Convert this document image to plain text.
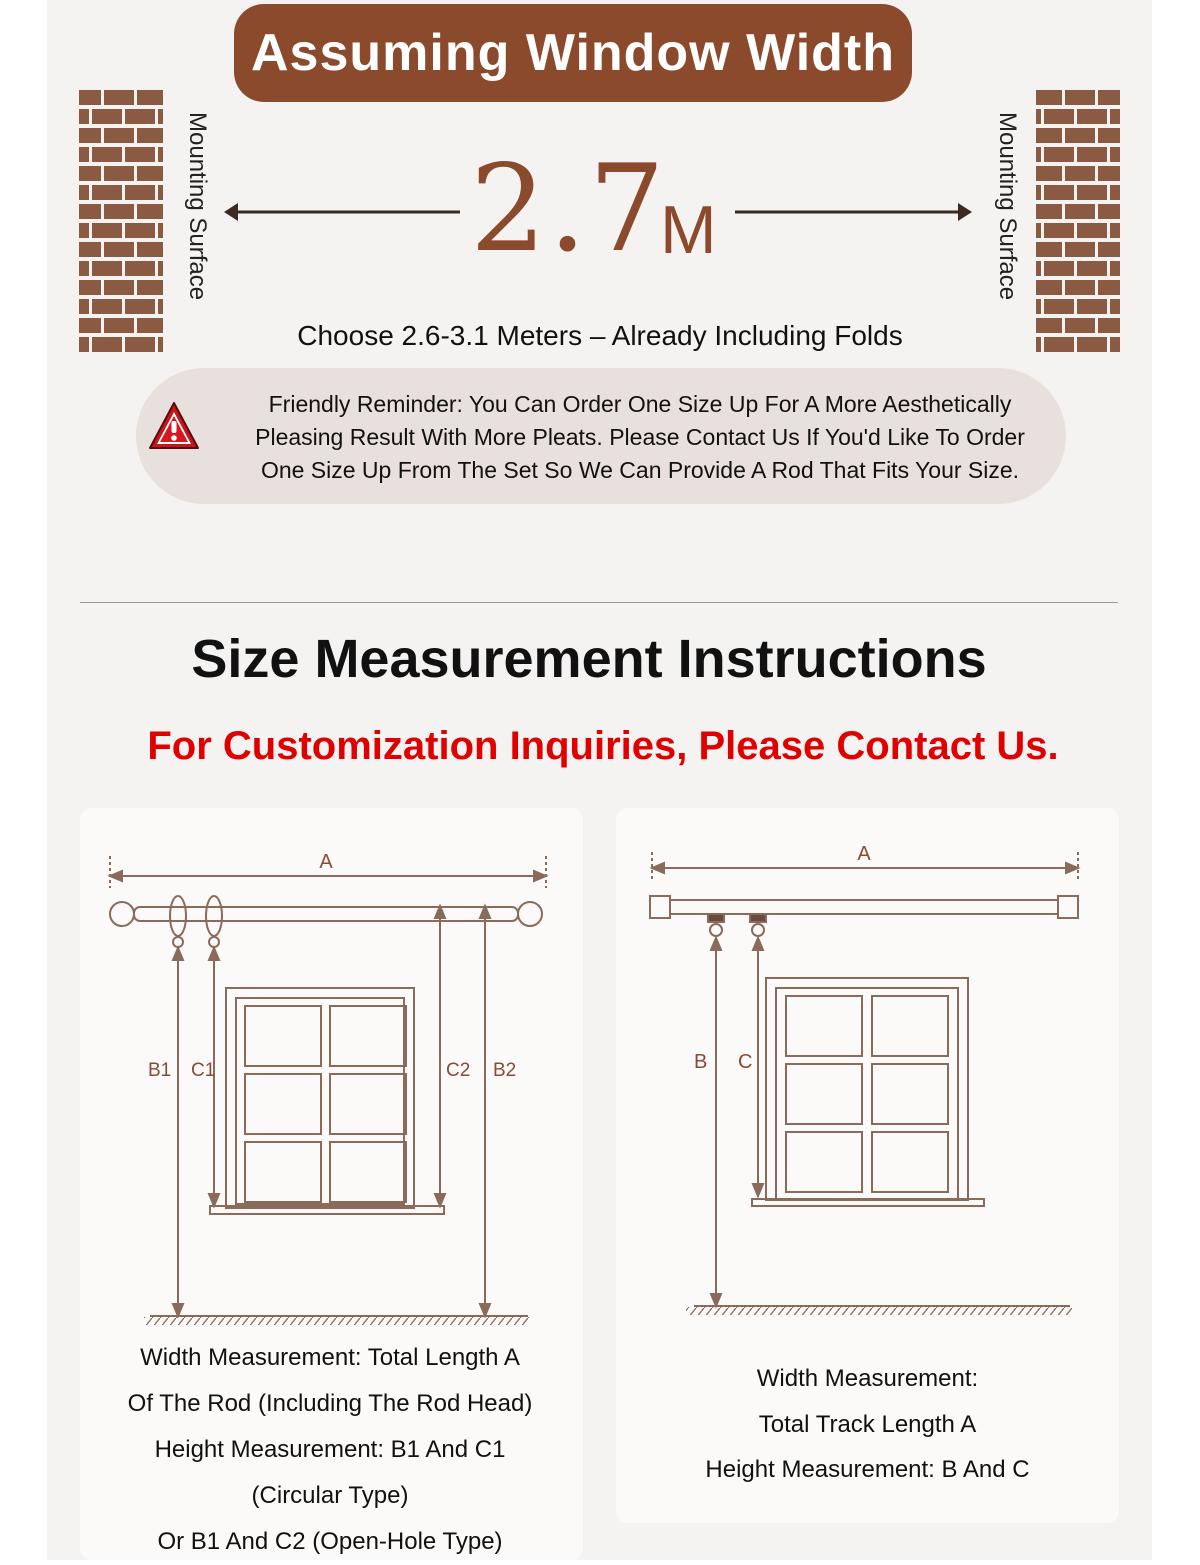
Assuming Window Width
Mounting Surface	Mounting Surface
2.7
M
Choose 2.6-3.1 Meters – Already Including Folds
Friendly Reminder: You Can Order One Size Up For A More Aesthetically
Pleasing Result With More Pleats. Please Contact Us If You'd Like To Order
One Size Up From The Set So We Can Provide A Rod That Fits Your Size.
Size Measurement Instructions
For Customization Inquiries, Please Contact Us.
A
B1 C1	C2 B2
Width Measurement: Total Length A
Of The Rod (Including The Rod Head)
Height Measurement: B1 And C1
(Circular Type)
Or B1 And C2 (Open-Hole Type)
A
B C
Width Measurement:
Total Track Length A
Height Measurement: B And C
